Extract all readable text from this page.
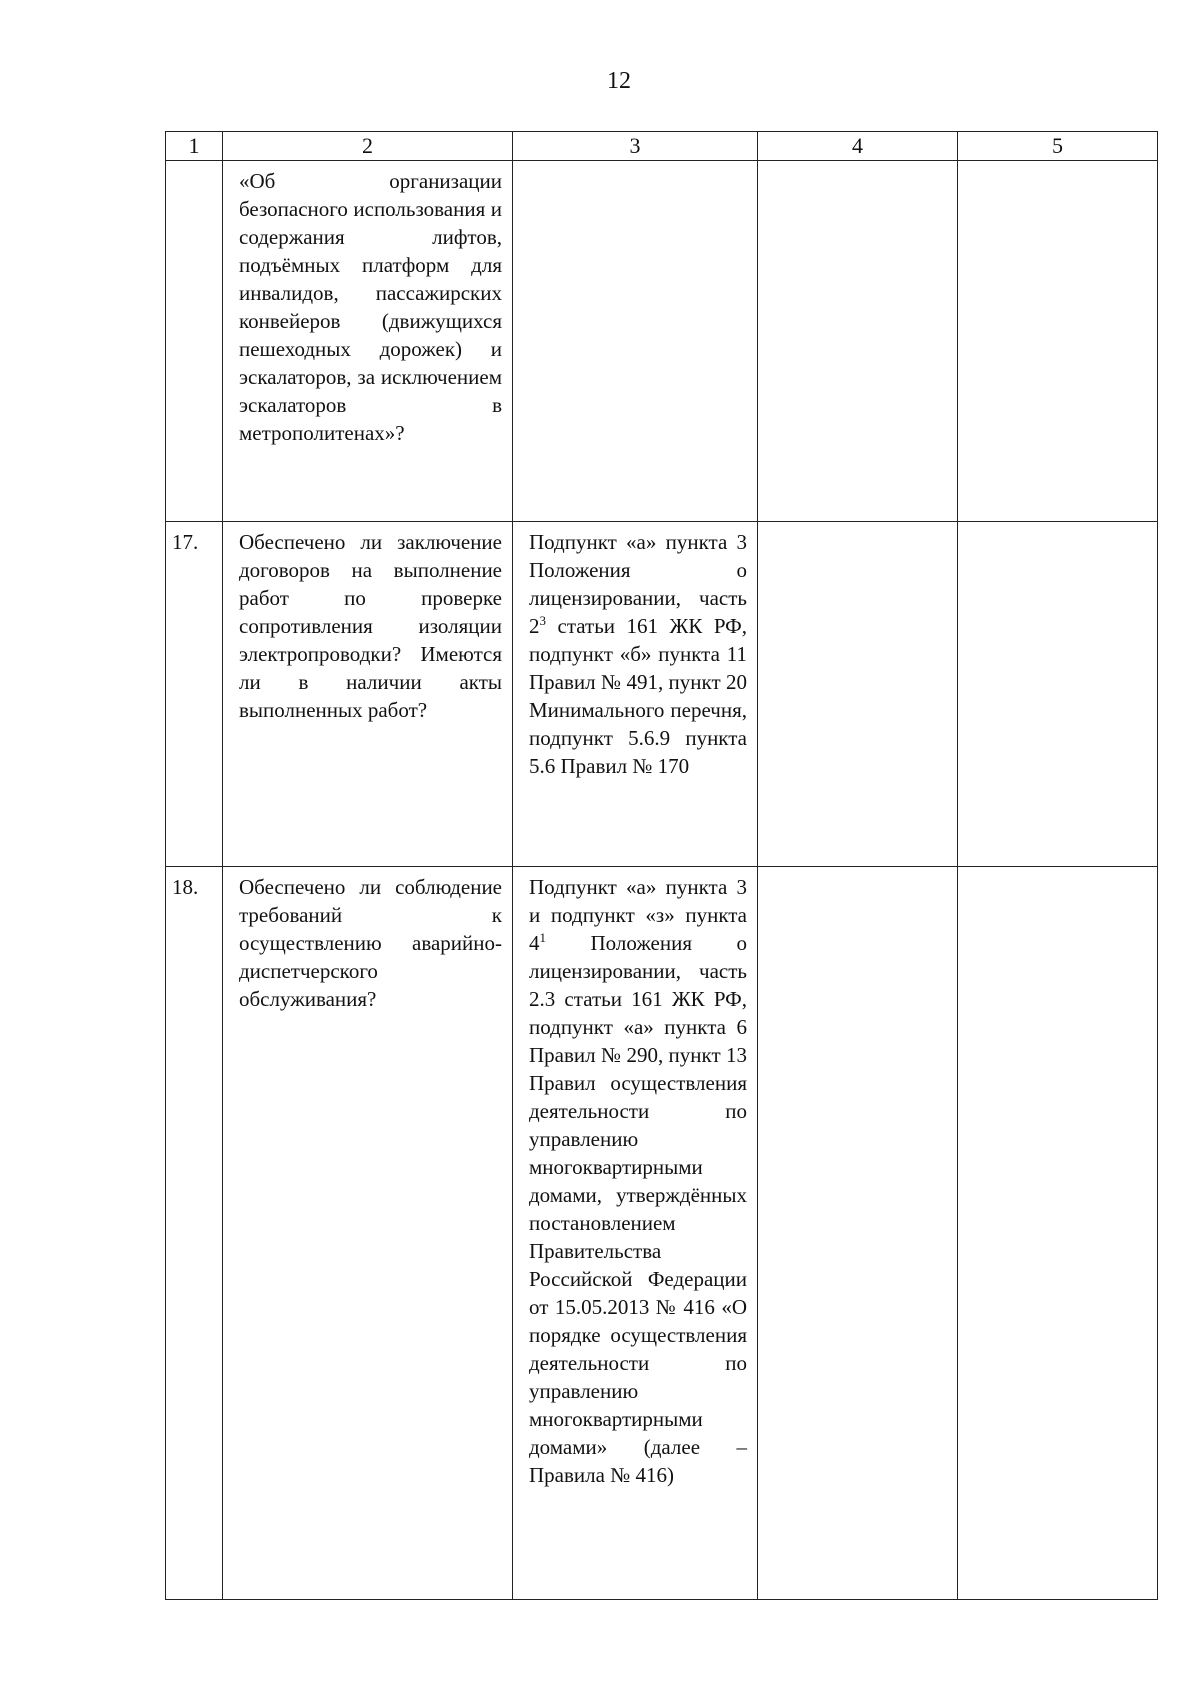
12
1	2	3	4	5
	«Об организации безопасного использования и содержания лифтов, подъёмных платформ для инвалидов, пассажирских конвейеров (движущихся пешеходных дорожек) и эскалаторов, за исключением эскалаторов в метрополитенах»?			
17.	Обеспечено ли заключение договоров на выполнение работ по проверке сопротивления изоляции электропроводки? Имеются ли в наличии акты выполненных работ?	Подпункт «а» пункта 3 Положения о лицензировании, часть $2^3$ статьи 161 ЖК РФ, подпункт «б» пункта 11 Правил № 491, пункт 20 Минимального перечня, подпункт 5.6.9 пункта 5.6 Правил № 170		
18.	Обеспечено ли соблюдение требований к осуществлению аварийно-диспетчерского обслуживания?	Подпункт «а» пункта 3 и подпункт «з» пункта $4^1$ Положения о лицензировании, часть 2.3 статьи 161 ЖК РФ, подпункт «а» пункта 6 Правил № 290, пункт 13 Правил осуществления деятельности по управлению многоквартирными домами, утверждённых постановлением Правительства Российской Федерации от 15.05.2013 № 416 «О порядке осуществления деятельности по управлению многоквартирными домами» (далее – Правила № 416)		
